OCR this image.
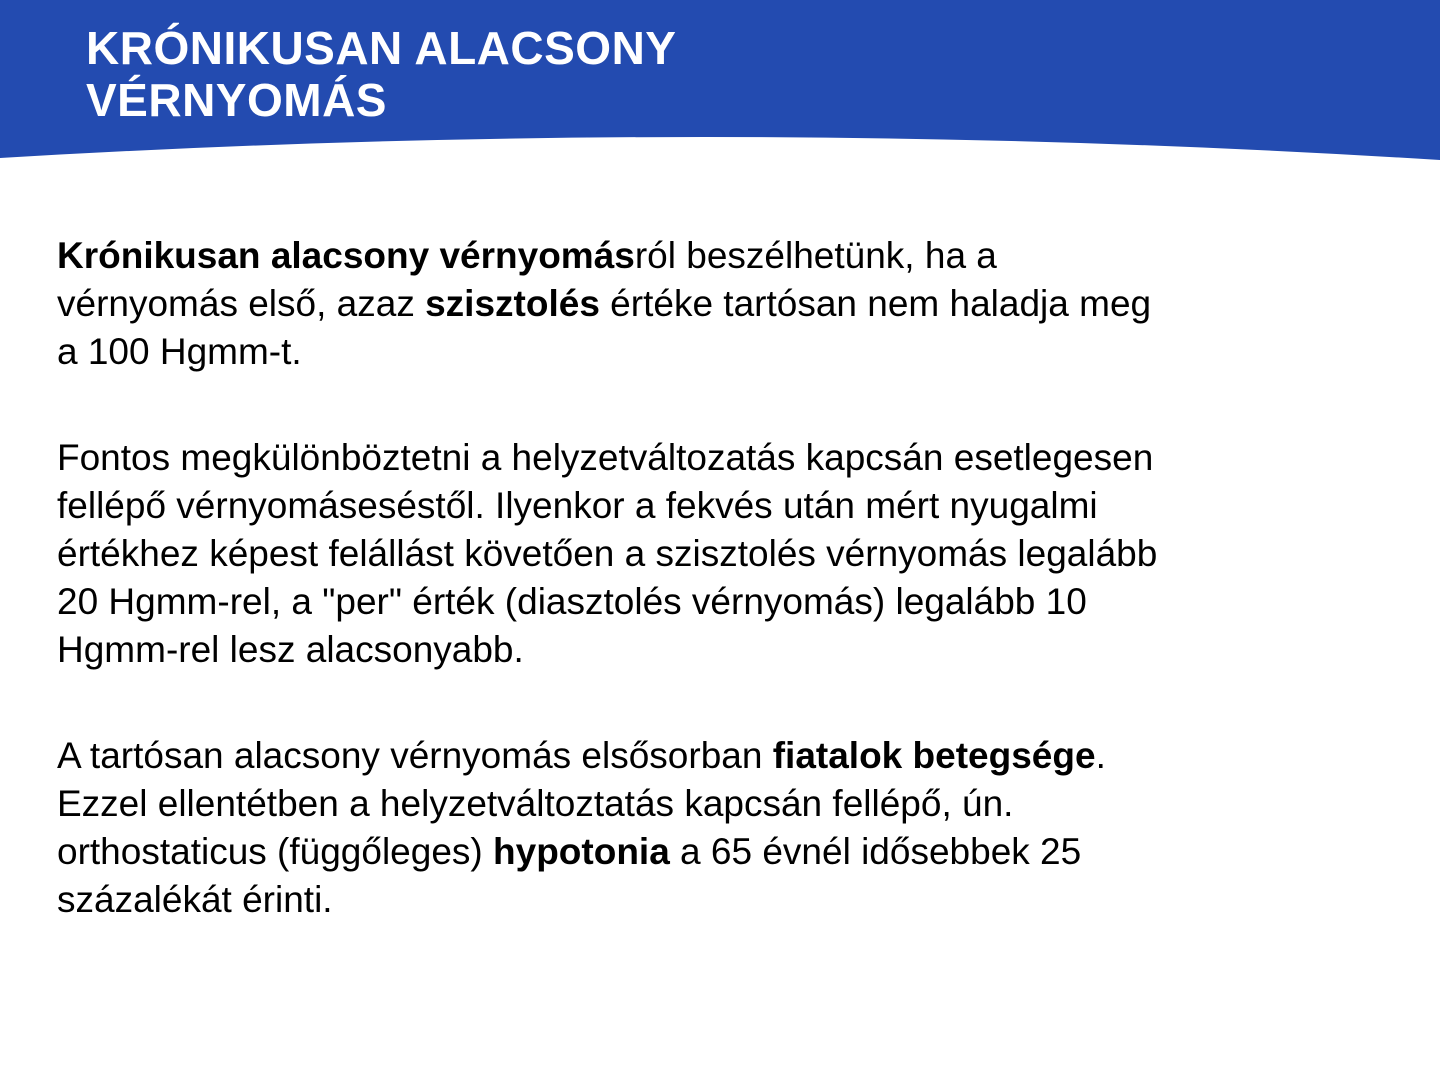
KRÓNIKUSAN ALACSONY
VÉRNYOMÁS

Krónikusan alacsony vérnyomásról beszélhetünk, ha a
vérnyomás első, azaz szisztolés értéke tartósan nem haladja meg
a 100 Hgmm-t.

Fontos megkülönböztetni a helyzetváltozatás kapcsán esetlegesen
fellépő vérnyomáseséstől. Ilyenkor a fekvés után mért nyugalmi
értékhez képest felállást követően a szisztolés vérnyomás legalább
20 Hgmm-rel, a "per" érték (diasztolés vérnyomás) legalább 10
Hgmm-rel lesz alacsonyabb.

A tartósan alacsony vérnyomás elsősorban fiatalok betegsége.
Ezzel ellentétben a helyzetváltoztatás kapcsán fellépő, ún.
orthostaticus (függőleges) hypotonia a 65 évnél idősebbek 25
százalékát érinti.
